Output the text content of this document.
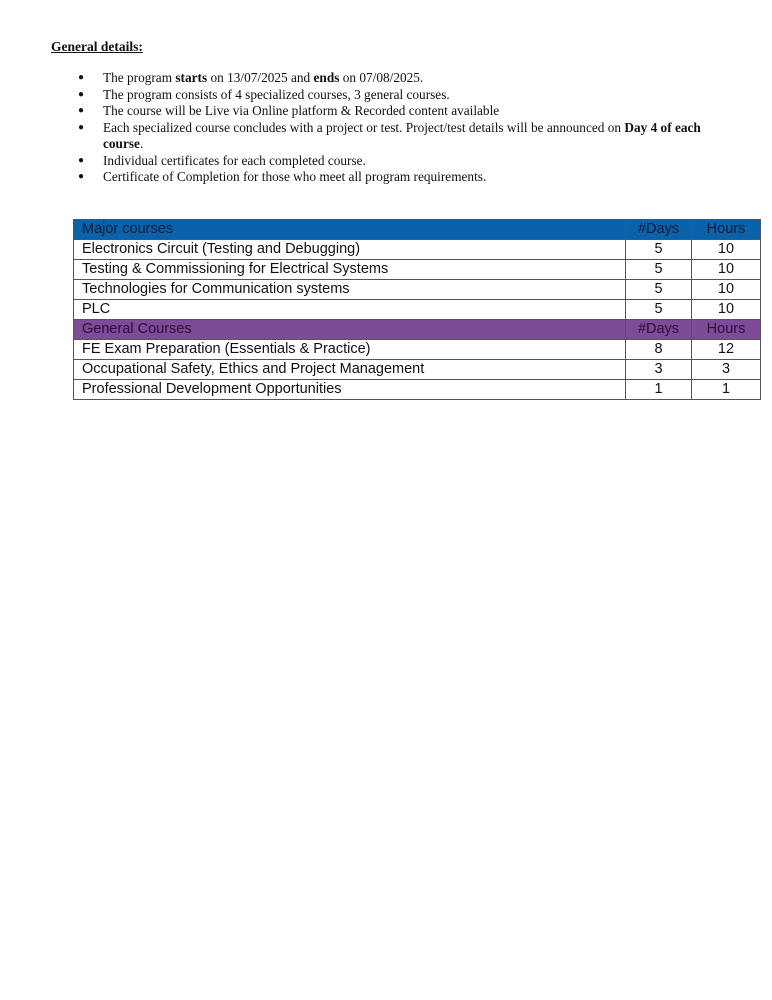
General details:
● The program starts on 13/07/2025 and ends on 07/08/2025.
● The program consists of 4 specialized courses, 3 general courses.
● The course will be Live via Online platform & Recorded content available
● Each specialized course concludes with a project or test. Project/test details will be announced on Day 4 of each course.
● Individual certificates for each completed course.
● Certificate of Completion for those who meet all program requirements.
Major courses	#Days	Hours
Electronics Circuit (Testing and Debugging)	5	10
Testing & Commissioning for Electrical Systems	5	10
Technologies for Communication systems	5	10
PLC	5	10
General Courses	#Days	Hours
FE Exam Preparation (Essentials & Practice)	8	12
Occupational Safety, Ethics and Project Management	3	3
Professional Development Opportunities	1	1
